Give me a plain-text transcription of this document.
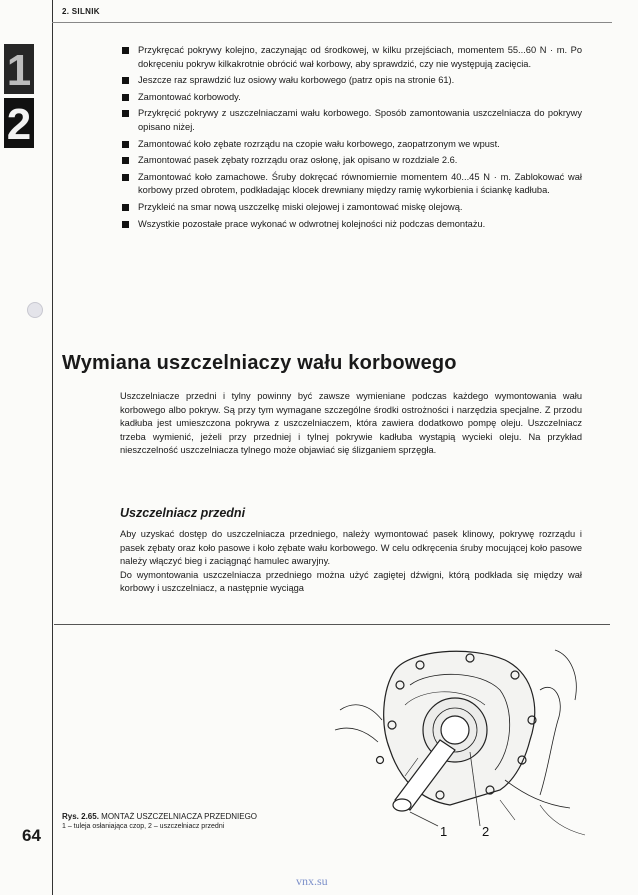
2. SILNIK
1
2
Przykręcać pokrywy kolejno, zaczynając od środkowej, w kilku przejściach, momentem 55...60 N · m. Po dokręceniu pokryw kilkakrotnie obrócić wał korbowy, aby sprawdzić, czy nie występują zacięcia.
Jeszcze raz sprawdzić luz osiowy wału korbowego (patrz opis na stronie 61).
Zamontować korbowody.
Przykręcić pokrywy z uszczelniaczami wału korbowego. Sposób zamontowania uszczelniacza do pokrywy opisano niżej.
Zamontować koło zębate rozrządu na czopie wału korbowego, zaopatrzonym we wpust.
Zamontować pasek zębaty rozrządu oraz osłonę, jak opisano w rozdziale 2.6.
Zamontować koło zamachowe. Śruby dokręcać równomiernie momentem 40...45 N · m. Zablokować wał korbowy przed obrotem, podkładając klocek drewniany między ramię wykorbienia i ściankę kadłuba.
Przykleić na smar nową uszczelkę miski olejowej i zamontować miskę olejową.
Wszystkie pozostałe prace wykonać w odwrotnej kolejności niż podczas demontażu.
Wymiana uszczelniaczy wału korbowego

Uszczelniacze przedni i tylny powinny być zawsze wymieniane podczas każdego wymontowania wału korbowego albo pokryw. Są przy tym wymagane szczególne środki ostrożności i narzędzia specjalne. Z przodu kadłuba jest umieszczona pokrywa z uszczelniaczem, która zawiera dodatkowo pompę oleju. Uszczelniacz trzeba wymienić, jeżeli przy przedniej i tylnej pokrywie kadłuba wystąpią wycieki oleju. Na przykład nieszczelność uszczelniacza tylnego może objawiać się ślizganiem sprzęgła.

Uszczelniacz przedni

Aby uzyskać dostęp do uszczelniacza przedniego, należy wymontować pasek klinowy, pokrywę rozrządu i pasek zębaty oraz koło pasowe i koło zębate wału korbowego. W celu odkręcenia śruby mocującej koło pasowe należy włączyć bieg i zaciągnąć hamulec awaryjny.
Do wymontowania uszczelniacza przedniego można użyć zagiętej dźwigni, którą podkłada się między wał korbowy i uszczelniacz, a następnie wyciąga

1	2
Rys. 2.65. MONTAŻ USZCZELNIACZA PRZEDNIEGO
1 – tuleja osłaniająca czop, 2 – uszczelniacz przedni
64
vnx.su
